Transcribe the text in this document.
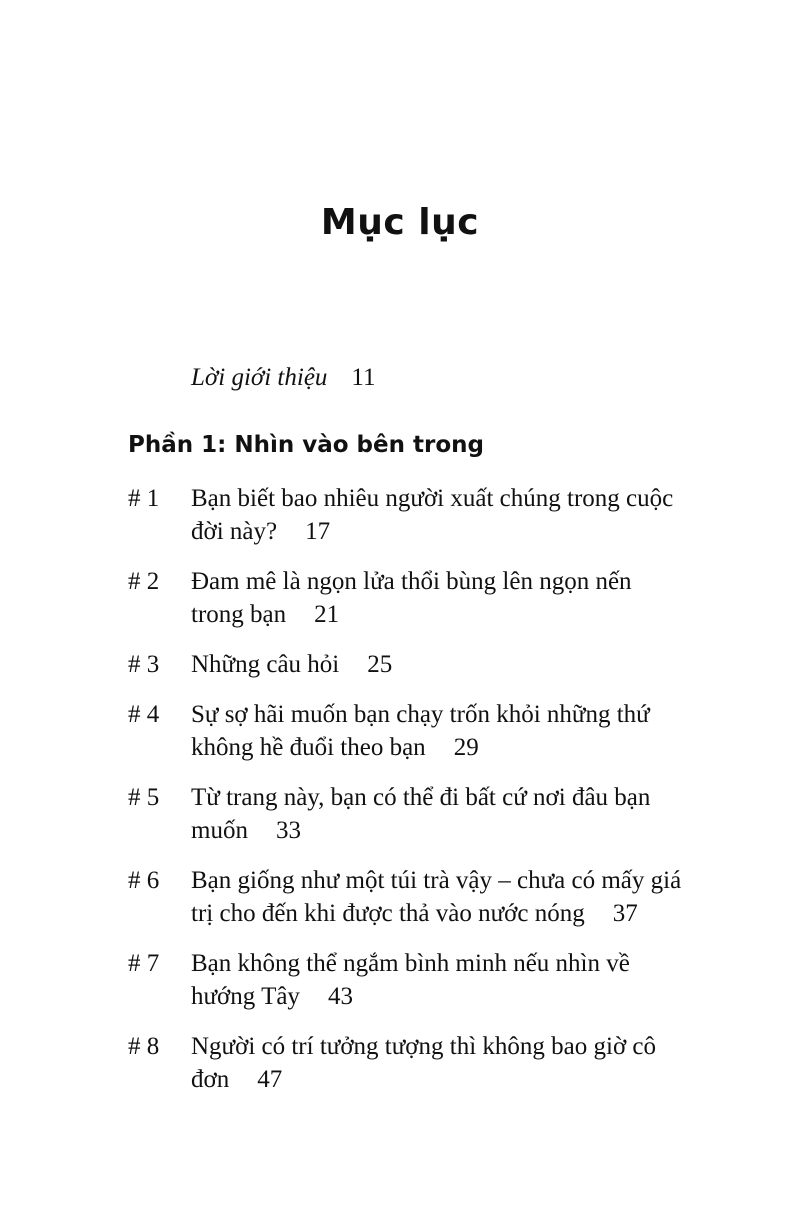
Mục lục
Lời giới thiệu 11
Phần 1: Nhìn vào bên trong
# 1	Bạn biết bao nhiêu người xuất chúng trong cuộc đời này? 17
# 2	Đam mê là ngọn lửa thổi bùng lên ngọn nến trong bạn 21
# 3	Những câu hỏi 25
# 4	Sự sợ hãi muốn bạn chạy trốn khỏi những thứ không hề đuổi theo bạn 29
# 5	Từ trang này, bạn có thể đi bất cứ nơi đâu bạn muốn 33
# 6	Bạn giống như một túi trà vậy – chưa có mấy giá trị cho đến khi được thả vào nước nóng 37
# 7	Bạn không thể ngắm bình minh nếu nhìn về hướng Tây 43
# 8	Người có trí tưởng tượng thì không bao giờ cô đơn 47
